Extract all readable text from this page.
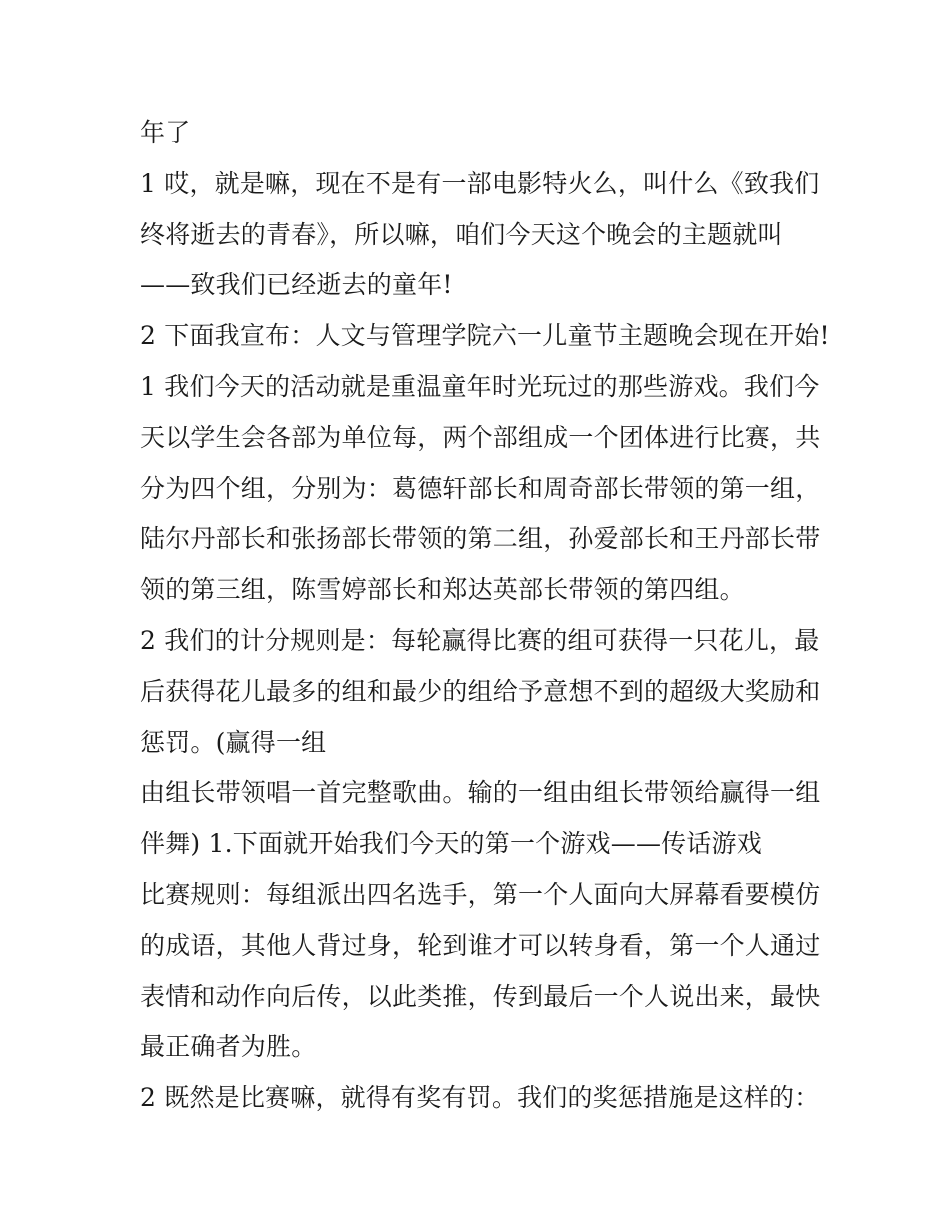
年了
1 哎，就是嘛，现在不是有一部电影特火么，叫什么《致我们
终将逝去的青春》，所以嘛，咱们今天这个晚会的主题就叫
——致我们已经逝去的童年!
2 下面我宣布：人文与管理学院六一儿童节主题晚会现在开始!
1 我们今天的活动就是重温童年时光玩过的那些游戏。我们今
天以学生会各部为单位每，两个部组成一个团体进行比赛，共
分为四个组，分别为：葛德轩部长和周奇部长带领的第一组，
陆尔丹部长和张扬部长带领的第二组，孙爱部长和王丹部长带
领的第三组，陈雪婷部长和郑达英部长带领的第四组。
2 我们的计分规则是：每轮赢得比赛的组可获得一只花儿，最
后获得花儿最多的组和最少的组给予意想不到的超级大奖励和
惩罚。(赢得一组
由组长带领唱一首完整歌曲。输的一组由组长带领给赢得一组
伴舞) 1.下面就开始我们今天的第一个游戏——传话游戏
比赛规则：每组派出四名选手，第一个人面向大屏幕看要模仿
的成语，其他人背过身，轮到谁才可以转身看，第一个人通过
表情和动作向后传，以此类推，传到最后一个人说出来，最快
最正确者为胜。
2 既然是比赛嘛，就得有奖有罚。我们的奖惩措施是这样的：
